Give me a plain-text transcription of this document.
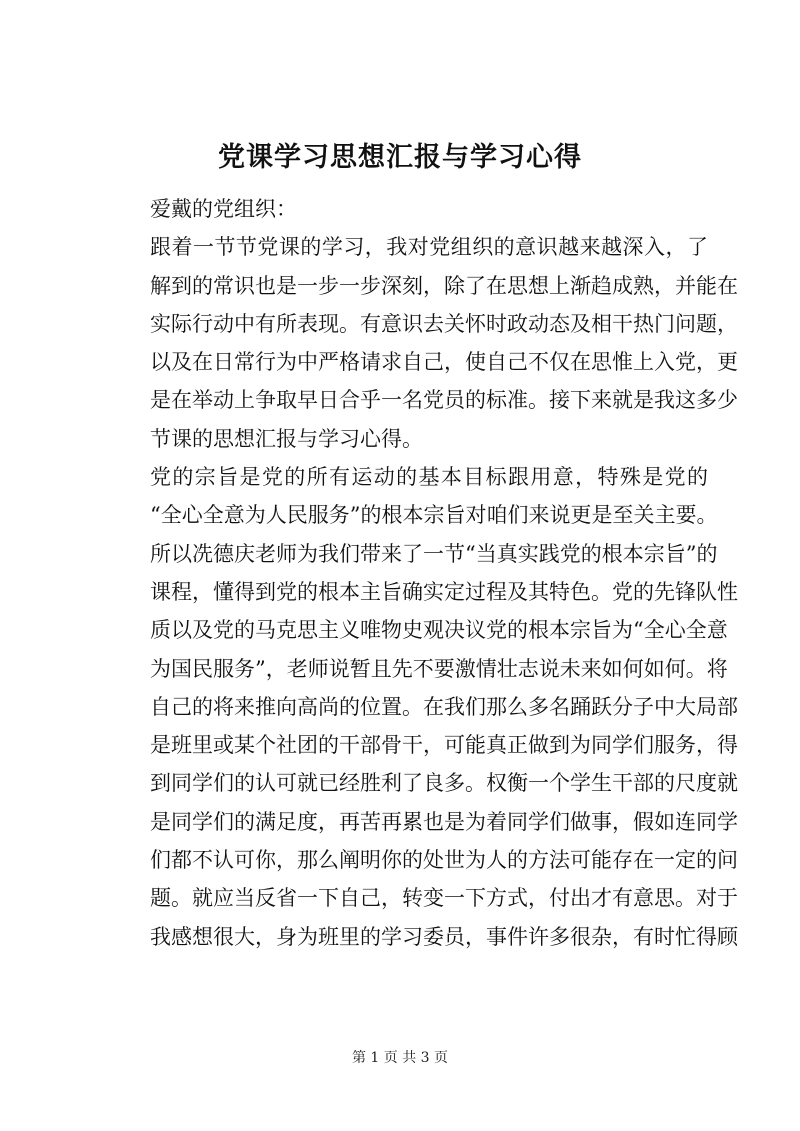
党课学习思想汇报与学习心得

爱戴的党组织：

跟着一节节党课的学习，我对党组织的意识越来越深入，了
解到的常识也是一步一步深刻，除了在思想上渐趋成熟，并能在
实际行动中有所表现。有意识去关怀时政动态及相干热门问题，
以及在日常行为中严格请求自己，使自己不仅在思惟上入党，更
是在举动上争取早日合乎一名党员的标准。接下来就是我这多少
节课的思想汇报与学习心得。

党的宗旨是党的所有运动的基本目标跟用意，特殊是党的
“全心全意为人民服务”的根本宗旨对咱们来说更是至关主要。
所以冼德庆老师为我们带来了一节“当真实践党的根本宗旨”的
课程，懂得到党的根本主旨确实定过程及其特色。党的先锋队性
质以及党的马克思主义唯物史观决议党的根本宗旨为“全心全意
为国民服务”，老师说暂且先不要激情壮志说未来如何如何。将
自己的将来推向高尚的位置。在我们那么多名踊跃分子中大局部
是班里或某个社团的干部骨干，可能真正做到为同学们服务，得
到同学们的认可就已经胜利了良多。权衡一个学生干部的尺度就
是同学们的满足度，再苦再累也是为着同学们做事，假如连同学
们都不认可你，那么阐明你的处世为人的方法可能存在一定的问
题。就应当反省一下自己，转变一下方式，付出才有意思。对于
我感想很大，身为班里的学习委员，事件许多很杂，有时忙得顾

第 1 页 共 3 页
